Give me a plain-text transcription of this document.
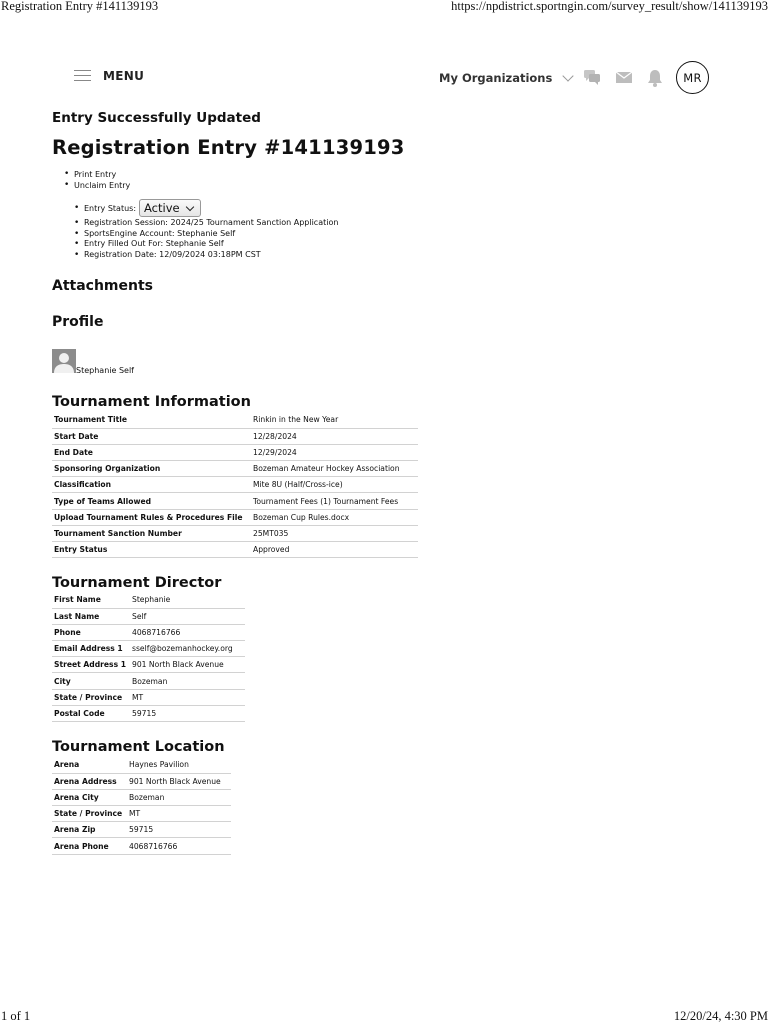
Registration Entry #141139193	https://npdistrict.sportngin.com/survey_result/show/141139193
MENU	My Organizations	MR
Entry Successfully Updated
Registration Entry #141139193
• Print Entry
• Unclaim Entry
• Entry Status: Active
• Registration Session: 2024/25 Tournament Sanction Application
• SportsEngine Account: Stephanie Self
• Entry Filled Out For: Stephanie Self
• Registration Date: 12/09/2024 03:18PM CST
Attachments
Profile
Stephanie Self
Tournament Information
Tournament Title	Rinkin in the New Year
Start Date	12/28/2024
End Date	12/29/2024
Sponsoring Organization	Bozeman Amateur Hockey Association
Classification	Mite 8U (Half/Cross-ice)
Type of Teams Allowed	Tournament Fees (1) Tournament Fees
Upload Tournament Rules & Procedures File	Bozeman Cup Rules.docx
Tournament Sanction Number	25MT035
Entry Status	Approved
Tournament Director
First Name	Stephanie
Last Name	Self
Phone	4068716766
Email Address 1	sself@bozemanhockey.org
Street Address 1	901 North Black Avenue
City	Bozeman
State / Province	MT
Postal Code	59715
Tournament Location
Arena	Haynes Pavilion
Arena Address	901 North Black Avenue
Arena City	Bozeman
State / Province	MT
Arena Zip	59715
Arena Phone	4068716766
1 of 1	12/20/24, 4:30 PM
